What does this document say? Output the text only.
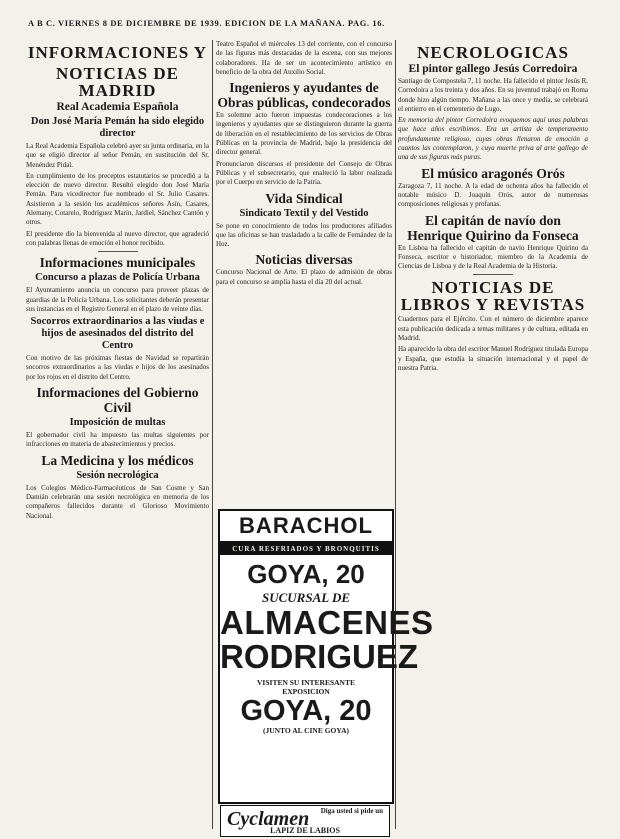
A B C. VIERNES 8 DE DICIEMBRE DE 1939. EDICION DE LA MAÑANA. PAG. 16.
INFORMACIONES Y
NOTICIAS DE MADRID
Real Academia Española
Don José María Pemán ha sido elegido director

La Real Academia Española celebró ayer su junta ordinaria, en la que se eligió director al señor Pemán, en sustitución del Sr. Menéndez Pidal.

En cumplimiento de los preceptos estatutarios se procedió a la elección de nuevo director. Resultó elegido don José María Pemán. Para vicedirector fue nombrado el Sr. Julio Casares. Asistieron a la sesión los académicos señores Asín, Casares, Alemany, Cotarelo, Rodríguez Marín, Jardiel, Sánchez Cantón y otros.

El presidente dio la bienvenida al nuevo director, que agradeció con palabras llenas de emoción el honor recibido.

Informaciones municipales
Concurso a plazas de Policía Urbana

El Ayuntamiento anuncia un concurso para proveer plazas de guardias de la Policía Urbana. Los solicitantes deberán presentar sus instancias en el Registro General en el plazo de veinte días.

Socorros extraordinarios a las viudas e hijos de asesinados del distrito del Centro

Con motivo de las próximas fiestas de Navidad se repartirán socorros extraordinarios a las viudas e hijos de los asesinados por los rojos en el distrito del Centro.

Informaciones del Gobierno Civil
Imposición de multas

El gobernador civil ha impuesto las multas siguientes por infracciones en materia de abastecimientos y precios.

La Medicina y los médicos
Sesión necrológica

Los Colegios Médico-Farmacéuticos de San Cosme y San Damián celebrarán una sesión necrológica en memoria de los compañeros fallecidos durante el Glorioso Movimiento Nacional.

Teatro Español el miércoles 13 del corriente, con el concurso de las figuras más destacadas de la escena, con sus mejores colaboradores. Ha de ser un acontecimiento artístico en beneficio de la obra del Auxilio Social.

Ingenieros y ayudantes de Obras públicas, condecorados

En solemne acto fueron impuestas condecoraciones a los ingenieros y ayudantes que se distinguieron durante la guerra de liberación en el restablecimiento de los servicios de Obras Públicas en la provincia de Madrid, bajo la presidencia del director general.

Pronunciaron discursos el presidente del Consejo de Obras Públicas y el subsecretario, que enalteció la labor realizada por el Cuerpo en servicio de la Patria.

Vida Sindical
Sindicato Textil y del Vestido

Se pone en conocimiento de todos los productores afiliados que las oficinas se han trasladado a la calle de Fernández de la Hoz.

Noticias diversas

Concurso Nacional de Arte. El plazo de admisión de obras para el concurso se amplía hasta el día 20 del actual.

BARACHOL
CURA RESFRIADOS Y BRONQUITIS
GOYA, 20
SUCURSAL DE
ALMACENES
RODRIGUEZ
VISITEN SU INTERESANTE
EXPOSICION
GOYA, 20
(JUNTO AL CINE GOYA)
Cyclamen Diga usted si pide un
LAPIZ DE LABIOS
NECROLOGICAS
El pintor gallego Jesús Corredoira

Santiago de Compostela 7, 11 noche. Ha fallecido el pintor Jesús R. Corredoira a los treinta y dos años. En su juventud trabajó en Roma donde hizo algún tiempo. Mañana a las once y media, se celebrará el entierro en el cementerio de Lugo.

En memoria del pintor Corredoira evoquemos aquí unas palabras que hace años escribimos. Era un artista de temperamento profundamente religioso, cuyas obras llenaron de emoción a cuantos las contemplaron, y cuya muerte priva al arte gallego de una de sus figuras más puras.

El músico aragonés Orós

Zaragoza 7, 11 noche. A la edad de ochenta años ha fallecido el notable músico D. Joaquín Orós, autor de numerosas composiciones religiosas y profanas.

El capitán de navío don Henrique Quirino da Fonseca

En Lisboa ha fallecido el capitán de navío Henrique Quirino da Fonseca, escritor e historiador, miembro de la Academia de Ciencias de Lisboa y de la Real Academia de la Historia.

NOTICIAS DE LIBROS Y REVISTAS

Cuadernos para el Ejército. Con el número de diciembre aparece esta publicación dedicada a temas militares y de cultura, editada en Madrid.

Ha aparecido la obra del escritor Manuel Rodríguez titulada Europa y España, que estudia la situación internacional y el papel de nuestra Patria.
